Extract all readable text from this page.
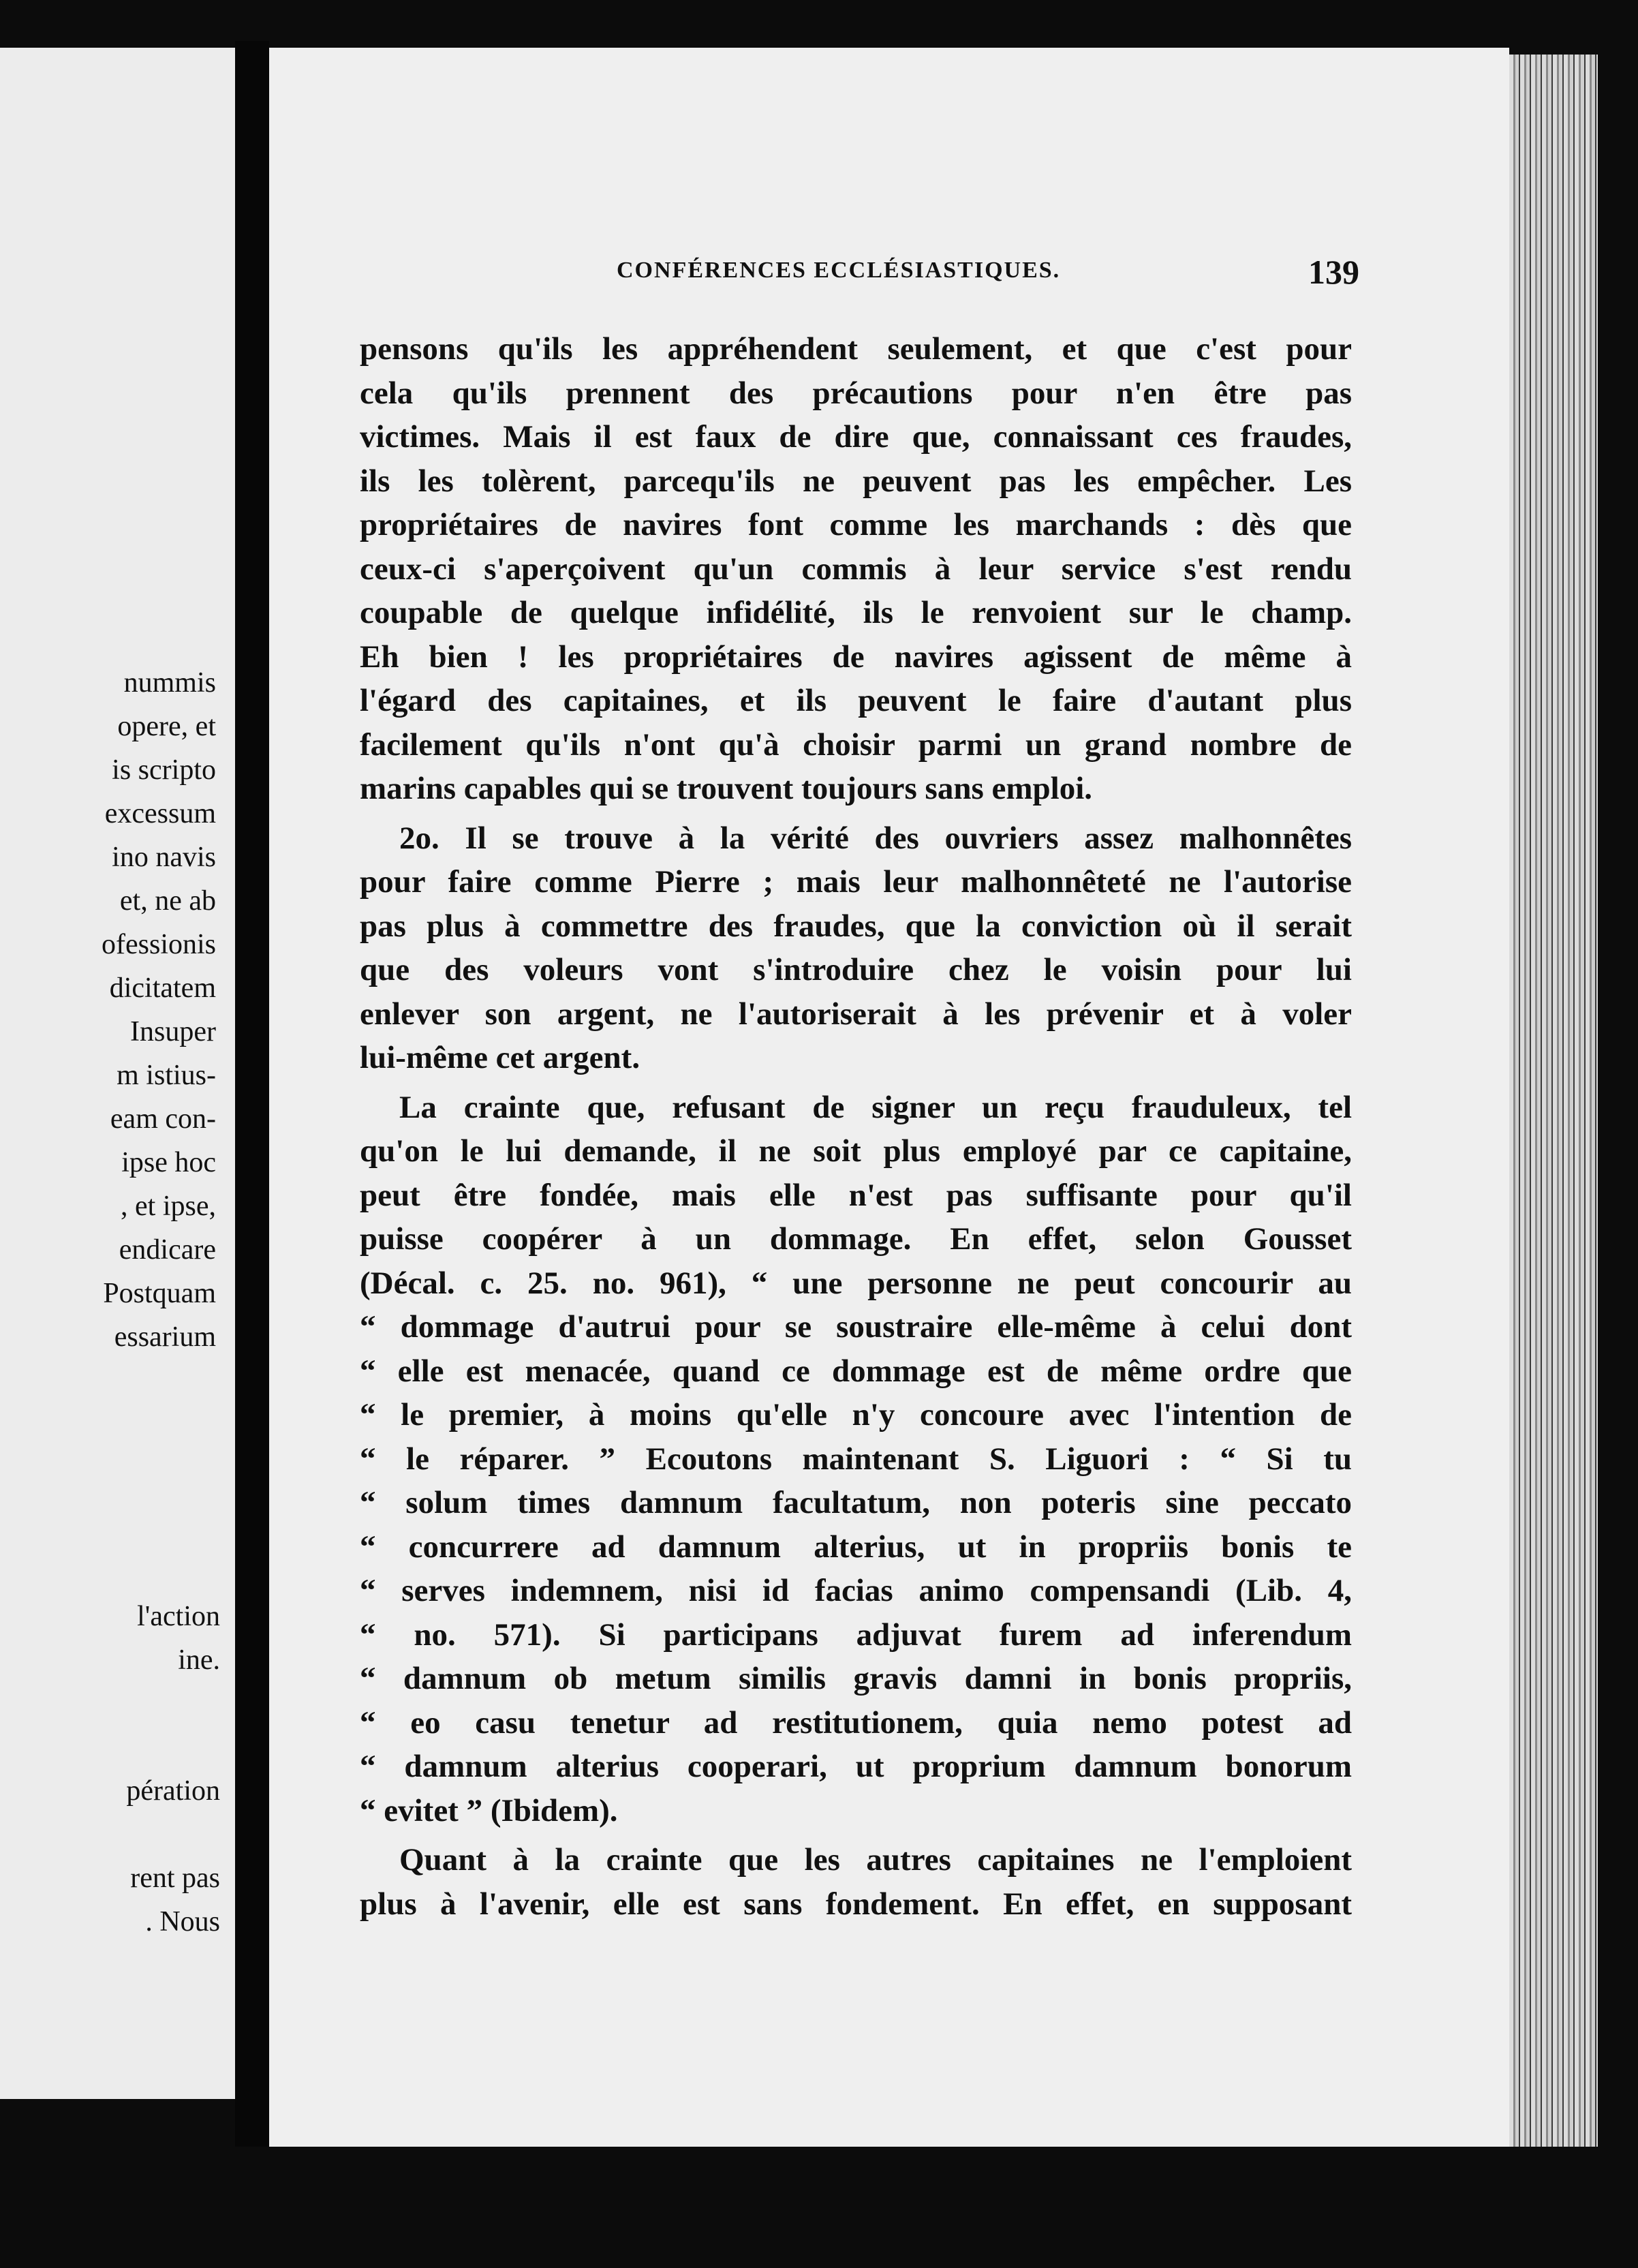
nummis
opere, et
is scripto
excessum
ino navis
et, ne ab
ofessionis
dicitatem
Insuper
m istius-
eam con-
ipse hoc
, et ipse,
endicare
Postquam
essarium
l'action
ine.
pération
rent pas
. Nous
CONFÉRENCES ECCLÉSIASTIQUES.	139
pensons qu'ils les appréhendent seulement, et que c'est pour
cela qu'ils prennent des précautions pour n'en être pas
victimes. Mais il est faux de dire que, connaissant ces fraudes,
ils les tolèrent, parcequ'ils ne peuvent pas les empêcher. Les
propriétaires de navires font comme les marchands : dès que
ceux-ci s'aperçoivent qu'un commis à leur service s'est rendu
coupable de quelque infidélité, ils le renvoient sur le champ.
Eh bien ! les propriétaires de navires agissent de même à
l'égard des capitaines, et ils peuvent le faire d'autant plus
facilement qu'ils n'ont qu'à choisir parmi un grand nombre de
marins capables qui se trouvent toujours sans emploi.
2o. Il se trouve à la vérité des ouvriers assez malhonnêtes
pour faire comme Pierre ; mais leur malhonnêteté ne l'autorise
pas plus à commettre des fraudes, que la conviction où il serait
que des voleurs vont s'introduire chez le voisin pour lui
enlever son argent, ne l'autoriserait à les prévenir et à voler
lui-même cet argent.
La crainte que, refusant de signer un reçu frauduleux, tel
qu'on le lui demande, il ne soit plus employé par ce capitaine,
peut être fondée, mais elle n'est pas suffisante pour qu'il
puisse coopérer à un dommage. En effet, selon Gousset
(Décal. c. 25. no. 961), “ une personne ne peut concourir au
“ dommage d'autrui pour se soustraire elle-même à celui dont
“ elle est menacée, quand ce dommage est de même ordre que
“ le premier, à moins qu'elle n'y concoure avec l'intention de
“ le réparer. ” Ecoutons maintenant S. Liguori : “ Si tu
“ solum times damnum facultatum, non poteris sine peccato
“ concurrere ad damnum alterius, ut in propriis bonis te
“ serves indemnem, nisi id facias animo compensandi (Lib. 4,
“ no. 571). Si participans adjuvat furem ad inferendum
“ damnum ob metum similis gravis damni in bonis propriis,
“ eo casu tenetur ad restitutionem, quia nemo potest ad
“ damnum alterius cooperari, ut proprium damnum bonorum
“ evitet ” (Ibidem).
Quant à la crainte que les autres capitaines ne l'emploient
plus à l'avenir, elle est sans fondement. En effet, en supposant
